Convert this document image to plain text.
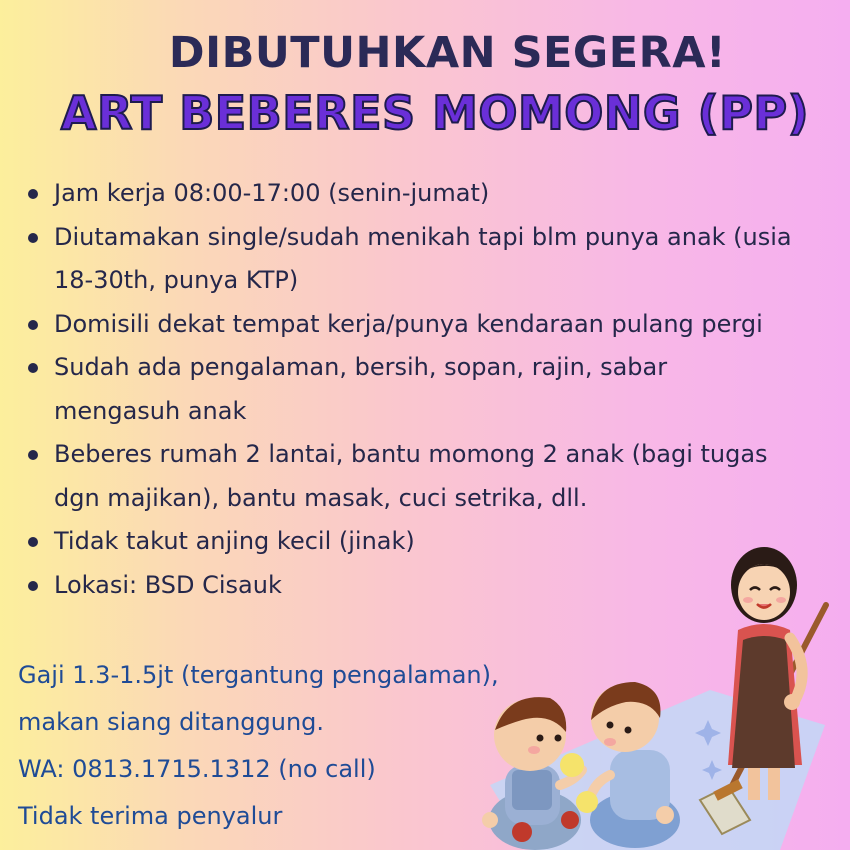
DIBUTUHKAN SEGERA!
ART BEBERES MOMONG (PP)
Jam kerja 08:00-17:00 (senin-jumat)
Diutamakan single/sudah menikah tapi blm punya anak (usia 18-30th, punya KTP)
Domisili dekat tempat kerja/punya kendaraan pulang pergi
Sudah ada pengalaman, bersih, sopan, rajin, sabar mengasuh anak
Beberes rumah 2 lantai, bantu momong 2 anak (bagi tugas dgn majikan), bantu masak, cuci setrika, dll.
Tidak takut anjing kecil (jinak)
Lokasi: BSD Cisauk
Gaji 1.3-1.5jt (tergantung pengalaman),
makan siang ditanggung.
WA: 0813.1715.1312 (no call)
Tidak terima penyalur
